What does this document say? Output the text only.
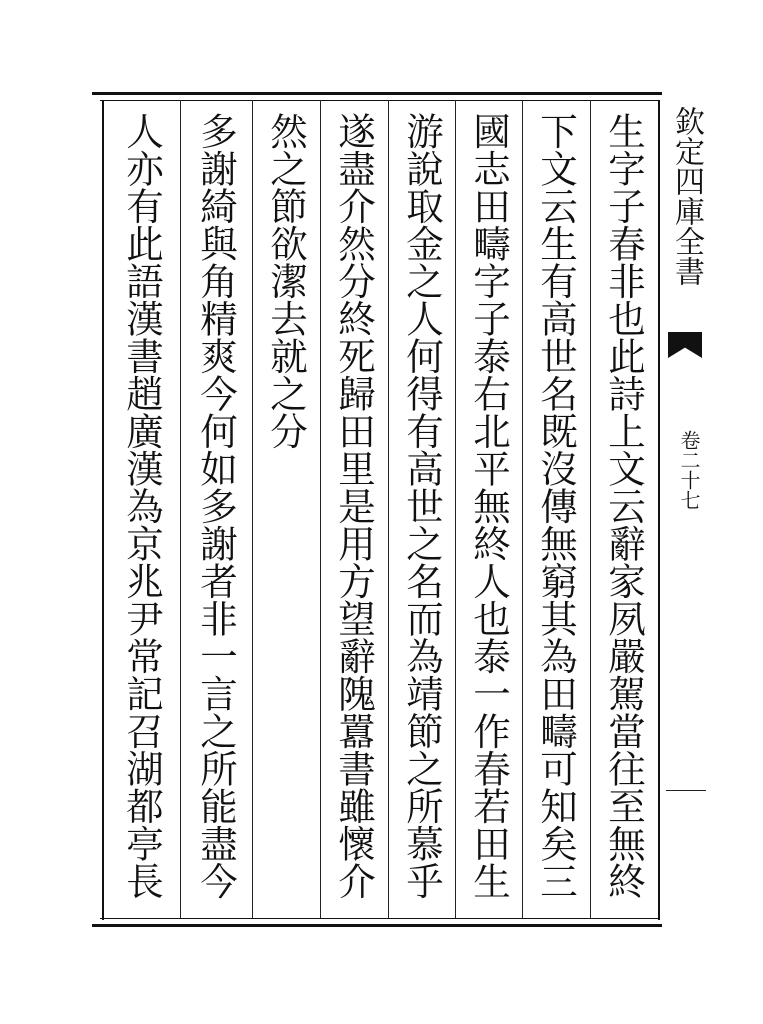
生字子春非也此詩上文云辭家夙嚴駕當往至無終
下文云生有高世名既沒傳無窮其為田疇可知矣三
國志田疇字子泰右北平無終人也泰一作春若田生
游說取金之人何得有高世之名而為靖節之所慕乎
遂盡介然分終死歸田里是用方望辭隗囂書雖懷介
然之節欲潔去就之分
多謝綺與角精爽今何如多謝者非一言之所能盡今
人亦有此語漢書趙廣漢為京兆尹常記召湖都亭長	欽定四庫全書
卷二十七
